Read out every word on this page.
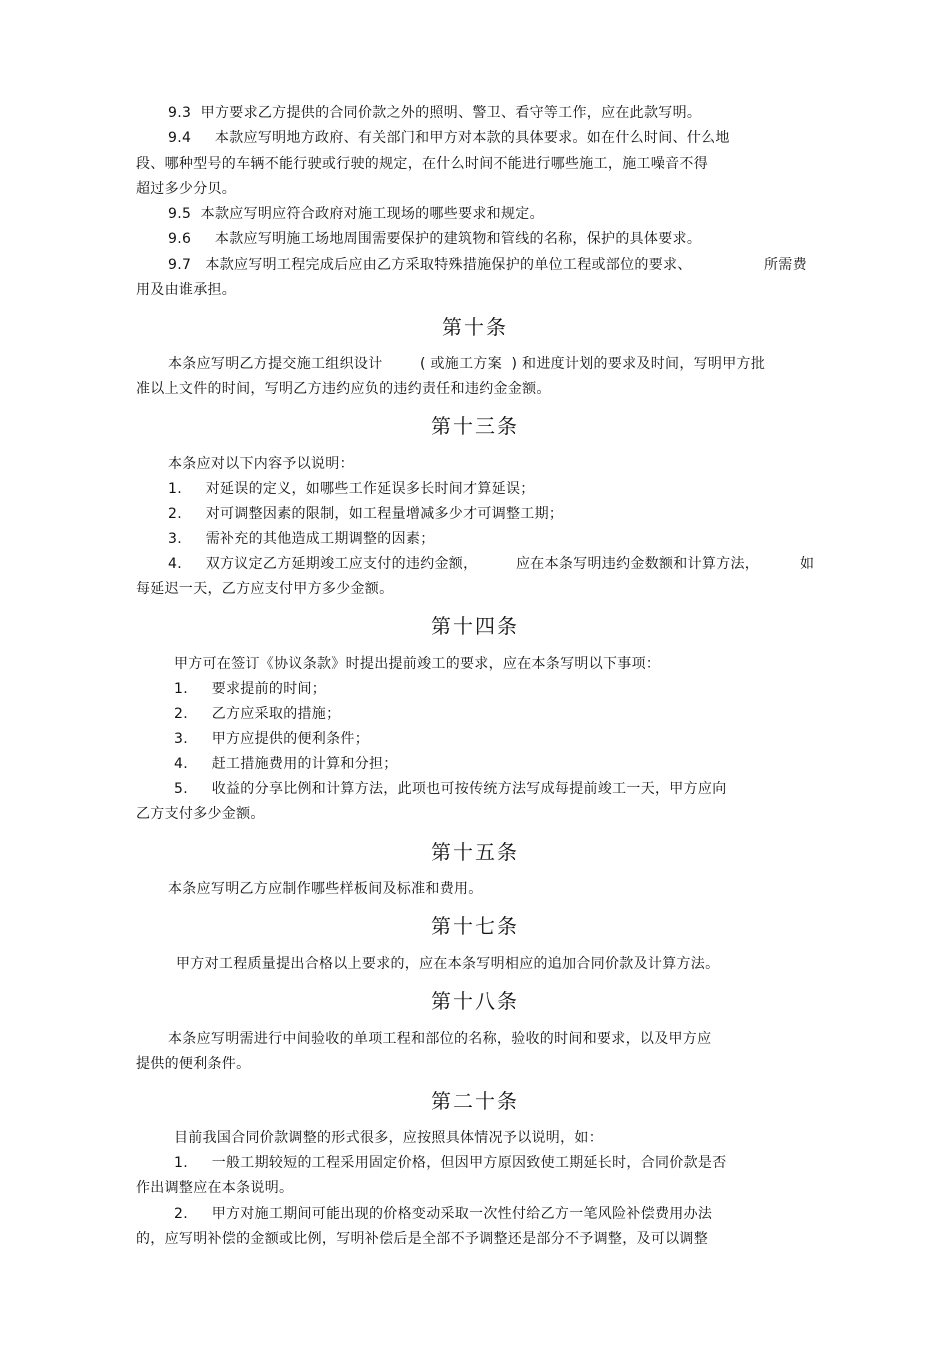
9.3  甲方要求乙方提供的合同价款之外的照明、警卫、看守等工作，应在此款写明。
9.4     本款应写明地方政府、有关部门和甲方对本款的具体要求。如在什么时间、什么地
段、哪种型号的车辆不能行驶或行驶的规定，在什么时间不能进行哪些施工，施工噪音不得
超过多少分贝。
9.5  本款应写明应符合政府对施工现场的哪些要求和规定。
9.6     本款应写明施工场地周围需要保护的建筑物和管线的名称，保护的具体要求。
9.7   本款应写明工程完成后应由乙方采取特殊措施保护的单位工程或部位的要求、	所需费
用及由谁承担。
第十条
本条应写明乙方提交施工组织设计	( 或施工方案  ) 和进度计划的要求及时间，写明甲方批
准以上文件的时间，写明乙方违约应负的违约责任和违约金金额。
第十三条
本条应对以下内容予以说明：
1.     对延误的定义，如哪些工作延误多长时间才算延误；
2.     对可调整因素的限制，如工程量增减多少才可调整工期；
3.     需补充的其他造成工期调整的因素；
4.     双方议定乙方延期竣工应支付的违约金额，	应在本条写明违约金数额和计算方法，	如
每延迟一天，乙方应支付甲方多少金额。
第十四条
甲方可在签订《协议条款》时提出提前竣工的要求，应在本条写明以下事项：
1.     要求提前的时间；
2.     乙方应采取的措施；
3.     甲方应提供的便利条件；
4.     赶工措施费用的计算和分担；
5.     收益的分享比例和计算方法，此项也可按传统方法写成每提前竣工一天，甲方应向
乙方支付多少金额。
第十五条
本条应写明乙方应制作哪些样板间及标准和费用。
第十七条
甲方对工程质量提出合格以上要求的，应在本条写明相应的追加合同价款及计算方法。
第十八条
本条应写明需进行中间验收的单项工程和部位的名称，验收的时间和要求，以及甲方应
提供的便利条件。
第二十条
目前我国合同价款调整的形式很多，应按照具体情况予以说明，如：
1.     一般工期较短的工程采用固定价格，但因甲方原因致使工期延长时，合同价款是否
作出调整应在本条说明。
2.     甲方对施工期间可能出现的价格变动采取一次性付给乙方一笔风险补偿费用办法
的，应写明补偿的金额或比例，写明补偿后是全部不予调整还是部分不予调整，及可以调整
